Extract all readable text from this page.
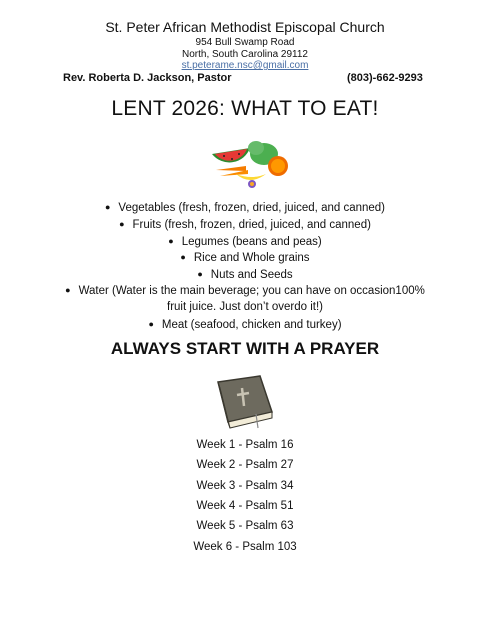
St. Peter African Methodist Episcopal Church
954 Bull Swamp Road
North, South Carolina 29112
st.peterame.nsc@gmail.com
Rev. Roberta D. Jackson, Pastor	(803)-662-9293
LENT 2026: WHAT TO EAT!
● Vegetables (fresh, frozen, dried, juiced, and canned)
● Fruits (fresh, frozen, dried, juiced, and canned)
● Legumes (beans and peas)
● Rice and Whole grains
● Nuts and Seeds
● Water (Water is the main beverage; you can have on occasion100% fruit juice. Just don’t overdo it!)
● Meat (seafood, chicken and turkey)
ALWAYS START WITH A PRAYER
Week 1 - Psalm 16
Week 2 - Psalm 27
Week 3 - Psalm 34
Week 4 - Psalm 51
Week 5 - Psalm 63
Week 6 - Psalm 103
